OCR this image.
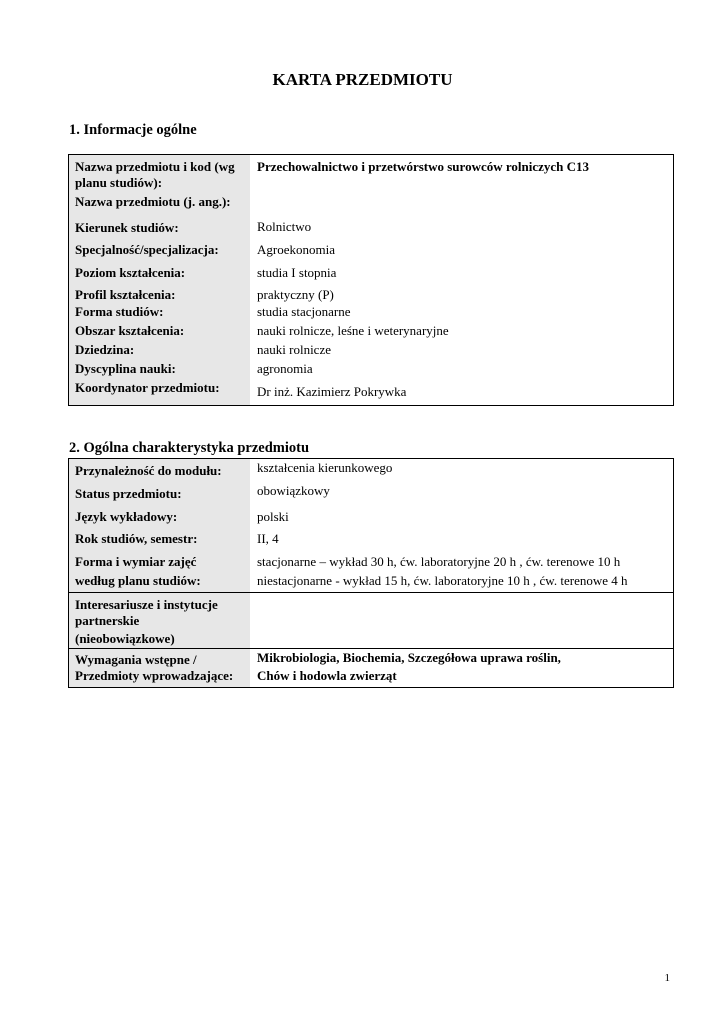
KARTA PRZEDMIOTU
1. Informacje ogólne
Nazwa przedmiotu i kod (wg planu studiów):	Przechowalnictwo i przetwórstwo surowców rolniczych C13
Nazwa przedmiotu (j. ang.):	
Kierunek studiów:	Rolnictwo
Specjalność/specjalizacja:	Agroekonomia
Poziom kształcenia:	studia I stopnia
Profil kształcenia:	praktyczny (P)
Forma studiów:	studia stacjonarne
Obszar kształcenia:	nauki rolnicze, leśne i weterynaryjne
Dziedzina:	nauki rolnicze
Dyscyplina nauki:	agronomia
Koordynator przedmiotu:	Dr inż. Kazimierz Pokrywka
2. Ogólna charakterystyka przedmiotu
Przynależność do modułu:	kształcenia kierunkowego
Status przedmiotu:	obowiązkowy
Język wykładowy:	polski
Rok studiów, semestr:	II, 4
Forma i wymiar zajęć	stacjonarne – wykład 30 h, ćw. laboratoryjne 20 h , ćw. terenowe 10 h
według planu studiów:	niestacjonarne - wykład 15 h, ćw. laboratoryjne 10 h , ćw. terenowe 4 h
Interesariusze i instytucje partnerskie	
(nieobowiązkowe)	
Wymagania wstępne /	Mikrobiologia, Biochemia, Szczegółowa uprawa roślin,
Przedmioty wprowadzające:	Chów i hodowla zwierząt
1
